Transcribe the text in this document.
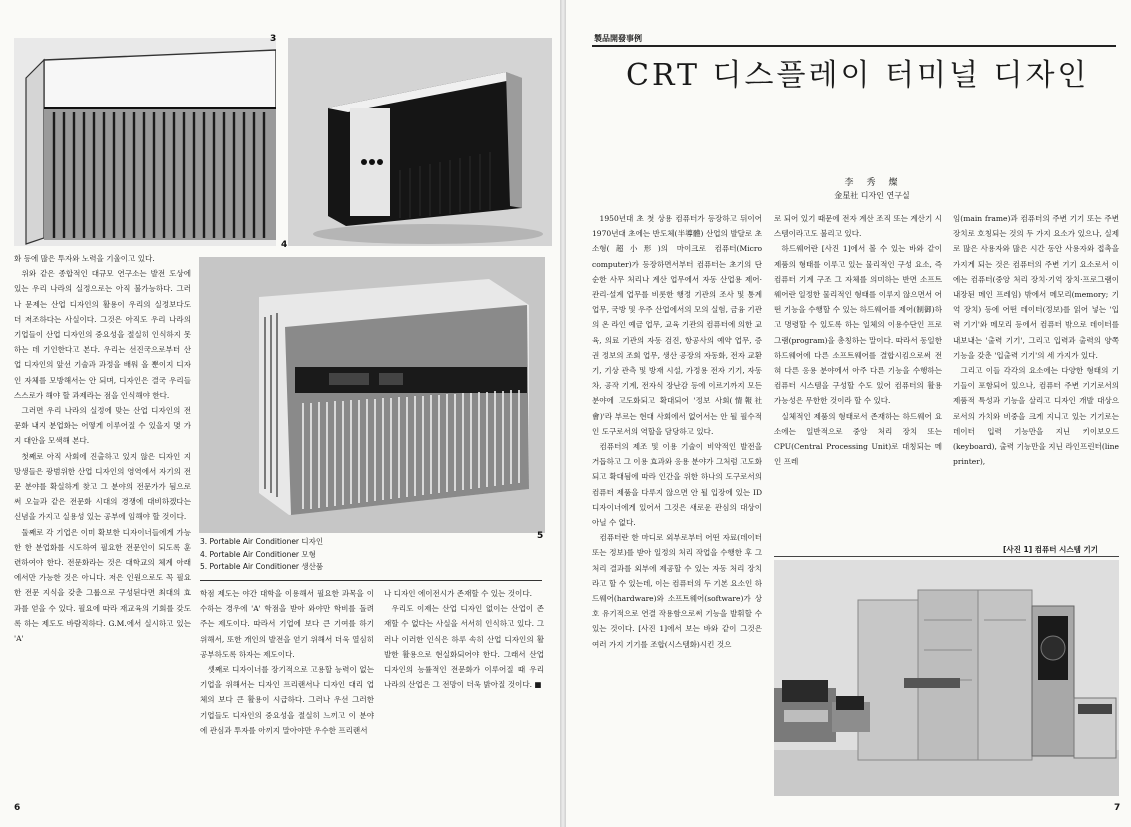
3
4
5
3. Portable Air Conditioner 디자인
4. Portable Air Conditioner 모형
5. Portable Air Conditioner 생산품

화 등에 많은 투자와 노력을 기울이고 있다.

위와 같은 종합적인 대규모 연구소는 발전 도상에 있는 우리 나라의 실정으로는 아직 불가능하다. 그러나 문제는 산업 디자인의 활용이 우리의 실정보다도 더 저조하다는 사실이다. 그것은 아직도 우리 나라의 기업들이 산업 디자인의 중요성을 절실히 인식하지 못하는 데 기인한다고 본다. 우리는 선진국으로부터 산업 디자인의 앞선 기술과 과정을 배워 올 뿐이지 디자인 자체를 모방해서는 안 되며, 디자인은 결국 우리들 스스로가 해야 할 과제라는 점을 인식해야 한다.

그러면 우리 나라의 실정에 맞는 산업 디자인의 전문화 내지 분업화는 어떻게 이루어질 수 있을지 몇 가지 대안을 모색해 본다.

첫째로 아직 사회에 진출하고 있지 않은 디자인 지망생들은 광범위한 산업 디자인의 영역에서 자기의 전문 분야를 확실하게 찾고 그 분야의 전문가가 됨으로써 오늘과 같은 전문화 시대의 경쟁에 대비하겠다는 신념을 가지고 실용성 있는 공부에 임해야 할 것이다.

둘째로 각 기업은 이미 확보한 디자이너들에게 가능한 한 분업화를 시도하여 필요한 전문인이 되도록 훈련하여야 한다. 전문화라는 것은 대학교의 체계 아래에서만 가능한 것은 아니다. 저은 인원으로도 꼭 필요한 전문 지식을 갖춘 그룹으로 구성된다면 최대의 효과를 얻을 수 있다. 필요에 따라 재교육의 기회를 갖도록 하는 제도도 바람직하다. G.M.에서 실시하고 있는 'A'

학점 제도는 야간 대학을 이용해서 필요한 과목을 이수하는 경우에 'A' 학점을 받아 와야만 학비를 돌려 주는 제도이다. 따라서 기업에 보다 큰 기여를 하기 위해서, 또한 개인의 발전을 얻기 위해서 더욱 열심히 공부하도록 하자는 제도이다.

셋째로 디자이너를 장기적으로 고용할 능력이 없는 기업을 위해서는 디자인 프리랜서나 디자인 대리 업체의 보다 큰 활용이 시급하다. 그러나 우선 그러한 기업들도 디자인의 중요성을 절실히 느끼고 이 분야에 관심과 투자를 아끼지 말아야만 우수한 프리랜서

나 디자인 에이전시가 존재할 수 있는 것이다.

우리도 이제는 산업 디자인 없이는 산업이 존재할 수 없다는 사실을 서서히 인식하고 있다. 그러나 이러한 인식은 하루 속히 산업 디자인의 활발한 활용으로 현실화되어야 한다. 그래서 산업 디자인의 능률적인 전문화가 이루어질 때 우리 나라의 산업은 그 전망이 더욱 밝아질 것이다. ■

6
製品開發事例
CRT 디스플레이 터미널 디자인
李　秀　燦
金星社 디자인 연구실

1950년대 초 첫 상용 컴퓨터가 등장하고 뒤이어 1970년대 초에는 반도체(半導體) 산업의 발달로 초소형(超小形)의 마이크로 컴퓨터(Micro computer)가 등장하면서부터 컴퓨터는 초기의 단순한 사무 처리나 계산 업무에서 자동 산업용 제어·관리·설계 업무를 비롯한 행정 기관의 조사 및 통계 업무, 국방 및 우주 산업에서의 모의 실험, 금융 기관의 온 라인 예금 업무, 교육 기관의 컴퓨터에 의한 교육, 의료 기관의 자동 검진, 항공사의 예약 업무, 증권 정보의 조회 업무, 생산 공장의 자동화, 전자 교환기, 기상 관측 및 방재 시설, 가정용 전자 기기, 자동차, 공작 기계, 전자식 장난감 등에 이르기까지 모든 분야에 고도화되고 확대되어 '정보 사회(情報社會)'라 부르는 현대 사회에서 없어서는 안 될 필수적인 도구로서의 역할을 담당하고 있다.

컴퓨터의 제조 및 이용 기술이 비약적인 발전을 거듭하고 그 이용 효과와 응용 분야가 그처럼 고도화되고 확대됨에 따라 인간을 위한 하나의 도구로서의 컴퓨터 제품을 다루지 않으면 안 될 입장에 있는 ID 디자이너에게 있어서 그것은 새로운 관심의 대상이 아닐 수 없다.

컴퓨터란 한 마디로 외부로부터 어떤 자료(데이터 또는 정보)를 받아 일정의 처리 작업을 수행한 후 그 처리 결과를 외부에 제공할 수 있는 자동 처리 장치라고 할 수 있는데, 이는 컴퓨터의 두 기본 요소인 하드웨어(hardware)와 소프트웨어(software)가 상호 유기적으로 연결 작용함으로써 기능을 발휘할 수 있는 것이다. [사진 1]에서 보는 바와 같이 그것은 여러 가지 기기를 조합(시스템화)시킨 것으

로 되어 있기 때문에 전자 계산 조직 또는 계산기 시스템이라고도 불리고 있다.

하드웨어란 [사진 1]에서 볼 수 있는 바와 같이 제품의 형태를 이루고 있는 물리적인 구성 요소, 즉 컴퓨터 기계 구조 그 자체를 의미하는 반면 소프트웨어란 일정한 물리적인 형태를 이루지 않으면서 어떤 기능을 수행할 수 있는 하드웨어를 제어(制御)하고 명령할 수 있도록 하는 일체의 이용수단인 프로그램(program)을 총칭하는 말이다. 따라서 동일한 하드웨어에 다른 소프트웨어를 결합시킴으로써 전혀 다른 응용 분야에서 아주 다른 기능을 수행하는 컴퓨터 시스템을 구성할 수도 있어 컴퓨터의 활용 가능성은 무한한 것이라 할 수 있다.

실체적인 제품의 형태로서 존재하는 하드웨어 요소에는 일반적으로 중앙 처리 장치 또는 CPU(Central Processing Unit)로 대칭되는 메인 프레

임(main frame)과 컴퓨터의 주변 기기 또는 주변 장치로 호칭되는 것의 두 가지 요소가 있으나, 실제로 많은 사용자와 많은 시간 동안 사용자와 접촉을 가지게 되는 것은 컴퓨터의 주변 기기 요소로서 이에는 컴퓨터(중앙 처리 장치·기억 장치·프로그램이 내장된 메인 프레임) 밖에서 메모리(memory; 기억 장치) 등에 어떤 데이터(정보)를 읽어 넣는 '입력 기기'와 메모리 등에서 컴퓨터 밖으로 데이터를 내보내는 '출력 기기', 그리고 입력과 출력의 양쪽 기능을 갖춘 '입출력 기기'의 세 가지가 있다.

그리고 이들 각각의 요소에는 다양한 형태의 기기들이 포함되어 있으나, 컴퓨터 주변 기기로서의 제품적 특성과 기능을 살리고 디자인 개발 대상으로서의 가치와 비중을 크게 지니고 있는 기기로는 데이터 입력 기능만을 지닌 키이보오드(keyboard), 출력 기능만을 지닌 라인프린터(line printer),

[사진 1] 컴퓨터 시스템 기기
7
